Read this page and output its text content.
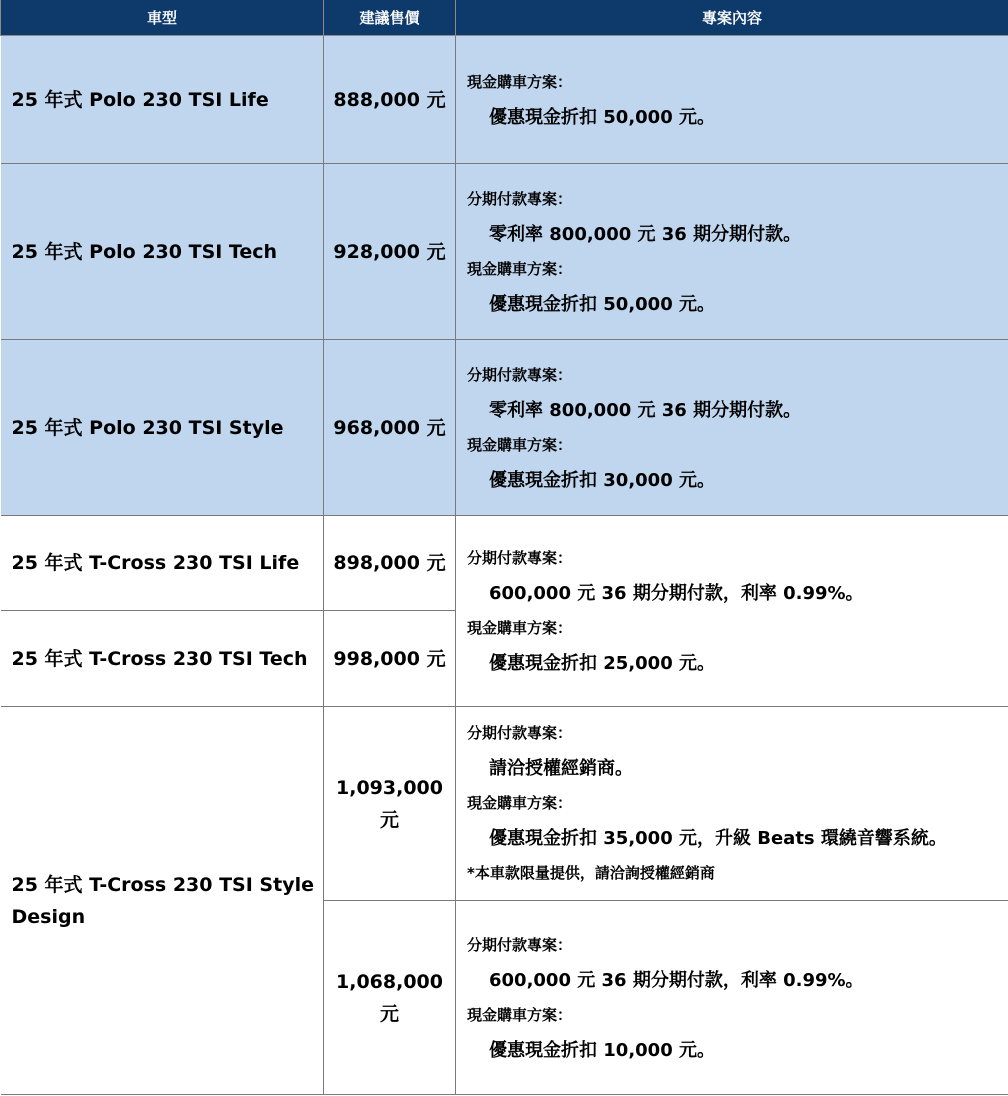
車型	建議售價	專案內容
25 年式 Polo 230 TSI Life	888,000 元	現金購車方案：
優惠現金折扣 50,000 元。

25 年式 Polo 230 TSI Tech	928,000 元	分期付款專案：
零利率 800,000 元 36 期分期付款。
現金購車方案：
優惠現金折扣 50,000 元。

25 年式 Polo 230 TSI Style	968,000 元	分期付款專案：
零利率 800,000 元 36 期分期付款。
現金購車方案：
優惠現金折扣 30,000 元。

25 年式 T-Cross 230 TSI Life	898,000 元	分期付款專案：
600,000 元 36 期分期付款，利率 0.99%。
現金購車方案：
優惠現金折扣 25,000 元。

25 年式 T-Cross 230 TSI Tech	998,000 元	
25 年式 T-Cross 230 TSI Style Design	1,093,000 元	分期付款專案：
請洽授權經銷商。
現金購車方案：
優惠現金折扣 35,000 元，升級 Beats 環繞音響系統。
*本車款限量提供，請洽詢授權經銷商

	1,068,000 元	分期付款專案：
600,000 元 36 期分期付款，利率 0.99%。
現金購車方案：
優惠現金折扣 10,000 元。
